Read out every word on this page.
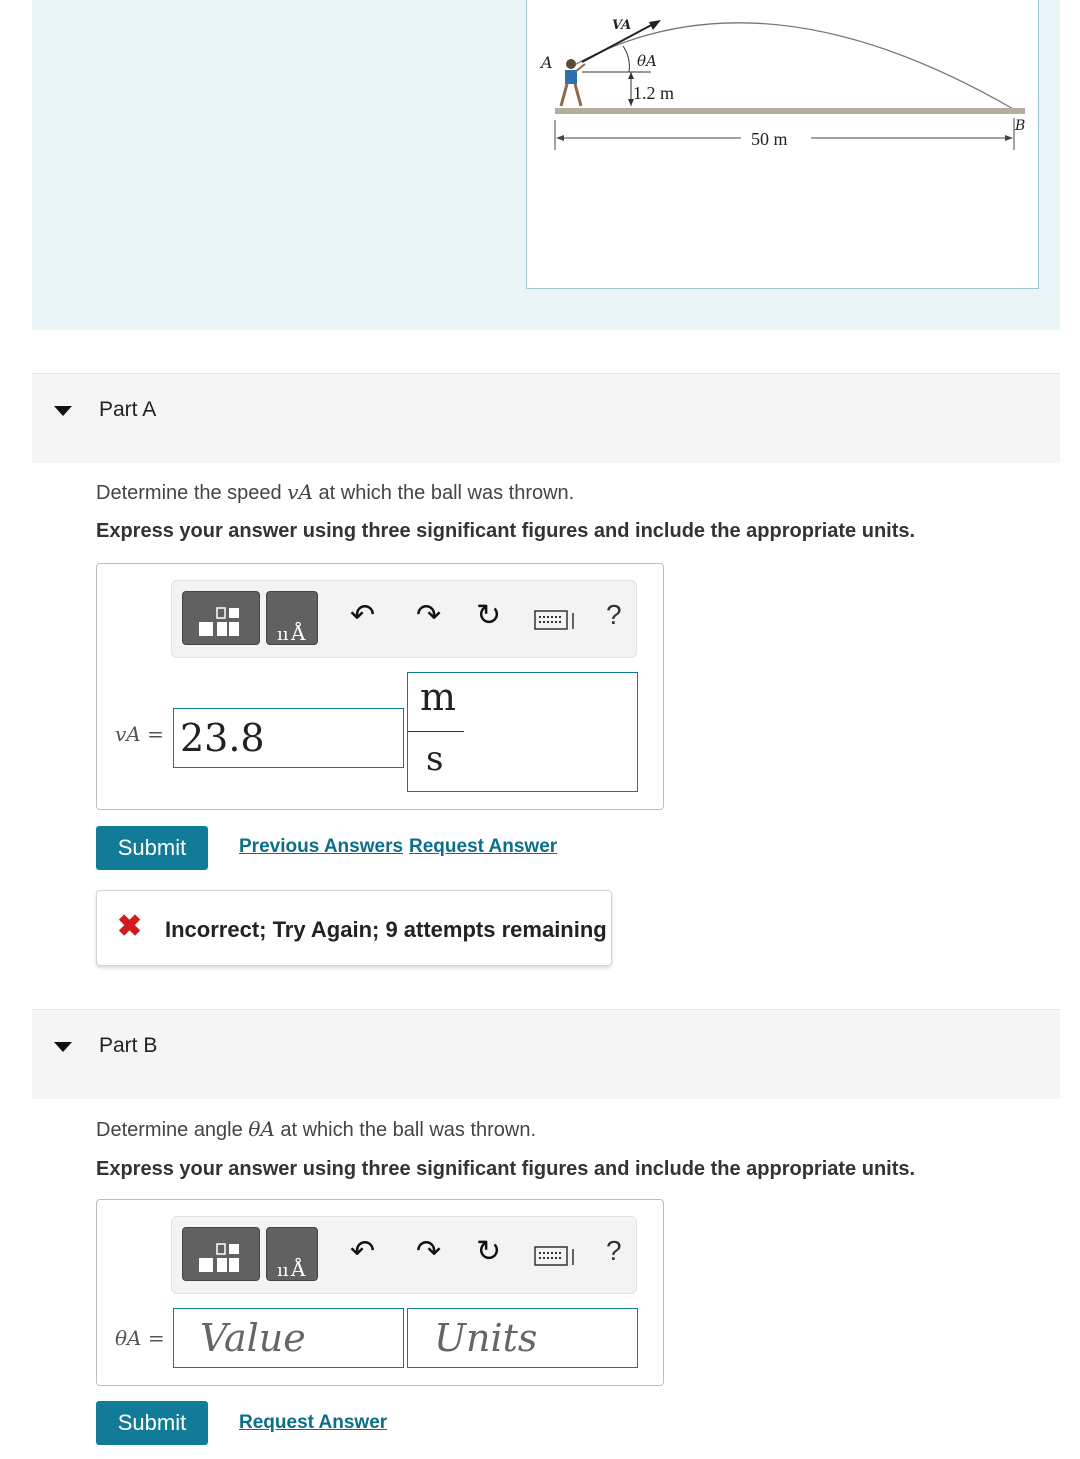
VA
θA
A
B
1.2 m
50 m
Part A
Determine the speed vA at which the ball was thrown.
Express your answer using three significant figures and include the appropriate units.
ıı Å
↶ ↷ ↻	?
vA = 23.8
m
s
Submit	Previous Answers Request Answer
✖ Incorrect; Try Again; 9 attempts remaining
Part B
Determine angle θA at which the ball was thrown.
Express your answer using three significant figures and include the appropriate units.
ıı Å
↶ ↷ ↻	?
θA = Value	Units
Submit	Request Answer
